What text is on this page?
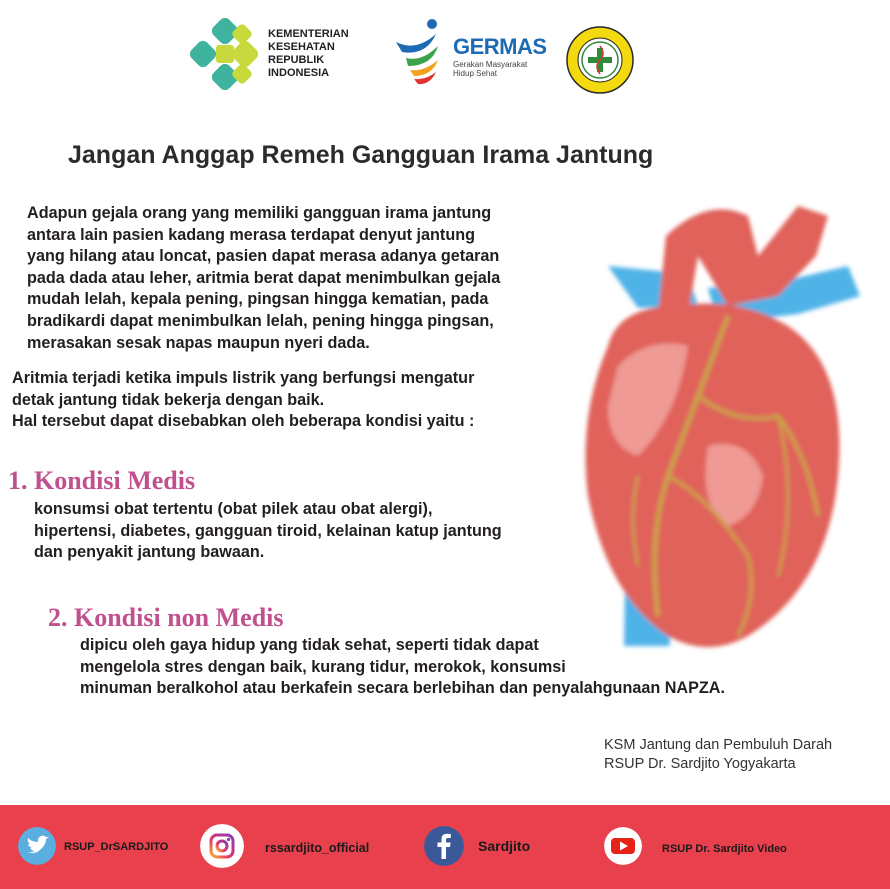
KEMENTERIAN
KESEHATAN
REPUBLIK
INDONESIA
GERMAS
Gerakan Masyarakat
Hidup Sehat
Jangan Anggap Remeh Gangguan Irama Jantung
Adapun gejala orang yang memiliki gangguan irama jantung
antara lain pasien kadang merasa terdapat denyut jantung
yang hilang atau loncat, pasien dapat merasa adanya getaran
pada dada atau leher, aritmia berat dapat menimbulkan gejala
mudah lelah, kepala pening, pingsan hingga kematian, pada
bradikardi dapat menimbulkan lelah, pening hingga pingsan,
merasakan sesak napas maupun nyeri dada.
Aritmia terjadi ketika impuls listrik yang berfungsi mengatur
detak jantung tidak bekerja dengan baik.
Hal tersebut dapat disebabkan oleh beberapa kondisi yaitu :
1. Kondisi Medis
konsumsi obat tertentu (obat pilek atau obat alergi),
hipertensi, diabetes, gangguan tiroid, kelainan katup jantung
dan penyakit jantung bawaan.
2. Kondisi non Medis
dipicu oleh gaya hidup yang tidak sehat, seperti tidak dapat
mengelola stres dengan baik, kurang tidur, merokok, konsumsi
minuman beralkohol atau berkafein secara berlebihan dan penyalahgunaan NAPZA.
KSM Jantung dan Pembuluh Darah
RSUP Dr. Sardjito Yogyakarta
RSUP_DrSARDJITO	rssardjito_official	Sardjito	RSUP Dr. Sardjito Video
